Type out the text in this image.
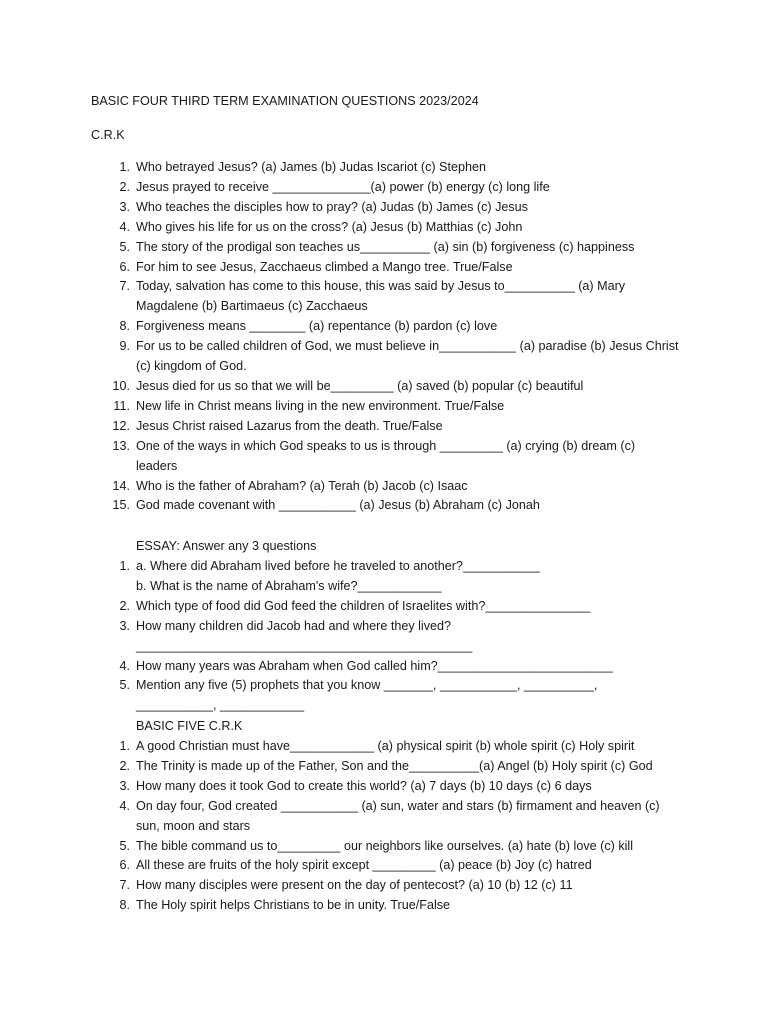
BASIC FOUR THIRD TERM EXAMINATION QUESTIONS 2023/2024
C.R.K
1 . Who betrayed Jesus? (a) James (b) Judas Iscariot (c) Stephen
2 . Jesus prayed to receive ______________(a) power (b) energy (c) long life
3 . Who teaches the disciples how to pray? (a) Judas (b) James (c) Jesus
4 . Who gives his life for us on the cross? (a) Jesus (b) Matthias (c) John
5 . The story of the prodigal son teaches us__________ (a) sin (b) forgiveness (c) happiness
6 . For him to see Jesus, Zacchaeus climbed a Mango tree. True/False
7 . Today, salvation has come to this house, this was said by Jesus to__________ (a) Mary
Magdalene (b) Bartimaeus (c) Zacchaeus
8 . Forgiveness means ________ (a) repentance (b) pardon (c) love
9 . For us to be called children of God, we must believe in___________ (a) paradise (b) Jesus Christ
(c) kingdom of God.
10 . Jesus died for us so that we will be_________ (a) saved (b) popular (c) beautiful
11 . New life in Christ means living in the new environment. True/False
12 . Jesus Christ raised Lazarus from the death. True/False
13 . One of the ways in which God speaks to us is through _________ (a) crying (b) dream (c)
leaders
14 . Who is the father of Abraham? (a) Terah (b) Jacob (c) Isaac
15 . God made covenant with ___________ (a) Jesus (b) Abraham (c) Jonah
ESSAY: Answer any 3 questions
1 . a. Where did Abraham lived before he traveled to another?___________
b. What is the name of Abraham's wife?____________
2 . Which type of food did God feed the children of Israelites with?_______________
3 . How many children did Jacob had and where they lived?
________________________________________________
4 . How many years was Abraham when God called him?_________________________
5 . Mention any five (5) prophets that you know _______, ___________, __________,
___________, ____________
BASIC FIVE C.R.K
1 . A good Christian must have____________ (a) physical spirit (b) whole spirit (c) Holy spirit
2 . The Trinity is made up of the Father, Son and the__________(a) Angel (b) Holy spirit (c) God
3 . How many does it took God to create this world? (a) 7 days (b) 10 days (c) 6 days
4 . On day four, God created ___________ (a) sun, water and stars (b) firmament and heaven (c)
sun, moon and stars
5 . The bible command us to_________ our neighbors like ourselves. (a) hate (b) love (c) kill
6 . All these are fruits of the holy spirit except _________ (a) peace (b) Joy (c) hatred
7 . How many disciples were present on the day of pentecost? (a) 10 (b) 12 (c) 11
8 . The Holy spirit helps Christians to be in unity. True/False
